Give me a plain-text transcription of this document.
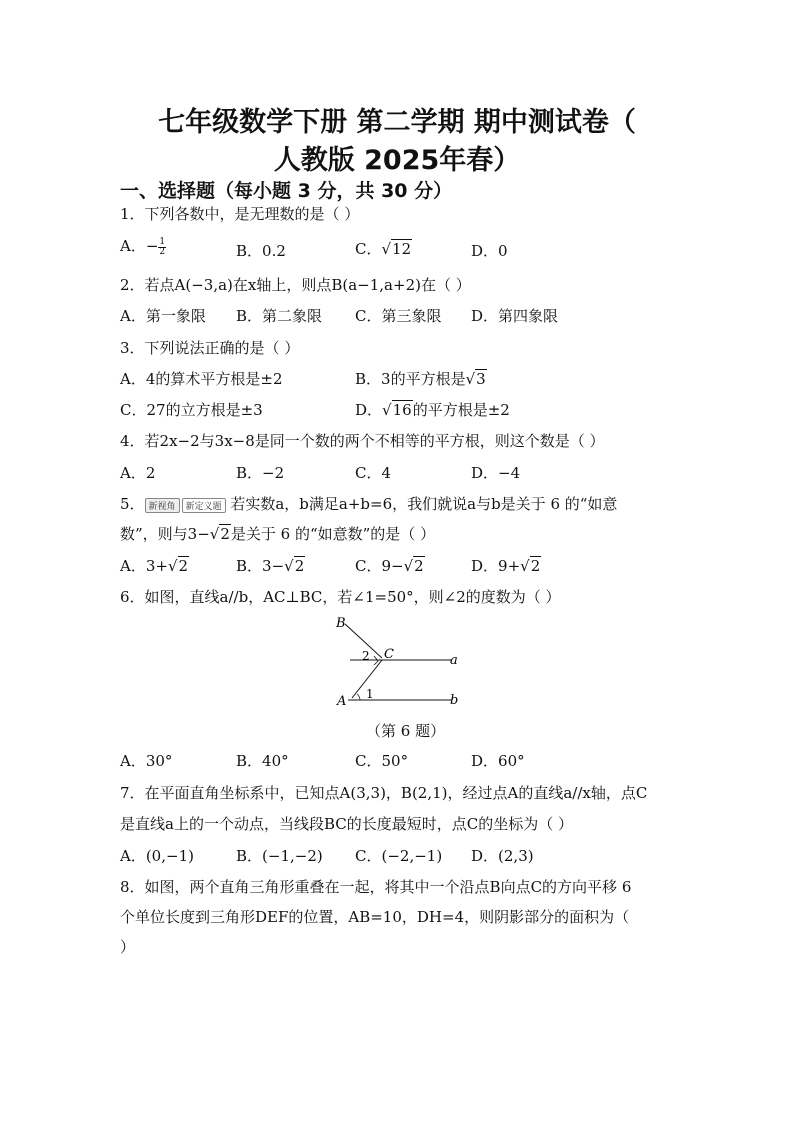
七年级数学下册 第二学期 期中测试卷（
人教版 2025年春）
一、选择题（每小题 3 分，共 30 分）
1．下列各数中，是无理数的是（ ）
A．− $\frac{1}{2}$	B．0.2	C．√12	D．0
2．若点A(−3,a)在x轴上，则点B(a−1,a+2)在（ ）
A．第一象限 B．第二象限 C．第三象限 D．第四象限
3．下列说法正确的是（ ）
A．4的算术平方根是±2	B．3的平方根是√3
C．27的立方根是±3	D．√16的平方根是±2
4．若2x−2与3x−8是同一个数的两个不相等的平方根，则这个数是（ ）
A．2	B．−2	C．4	D．−4
5． 新视角 新定义题 若实数a，b满足a+b=6，我们就说a与b是关于 6 的“如意
数”，则与3−√2是关于 6 的“如意数”的是（ ）
A．3+√2	B．3−√2	C．9−√2	D．9+√2
6．如图，直线a//b，AC⊥BC，若∠1=50°，则∠2的度数为（ ）
B
C
A
a
b
1
2
（第 6 题）
A．30°	B．40°	C．50°	D．60°
7．在平面直角坐标系中，已知点A(3,3)，B(2,1)，经过点A的直线a//x轴，点C
是直线a上的一个动点，当线段BC的长度最短时，点C的坐标为（ ）
A．(0,−1)	B．(−1,−2) C．(−2,−1) D．(2,3)
8．如图，两个直角三角形重叠在一起，将其中一个沿点B向点C的方向平移 6
个单位长度到三角形DEF的位置，AB=10，DH=4，则阴影部分的面积为（
）
